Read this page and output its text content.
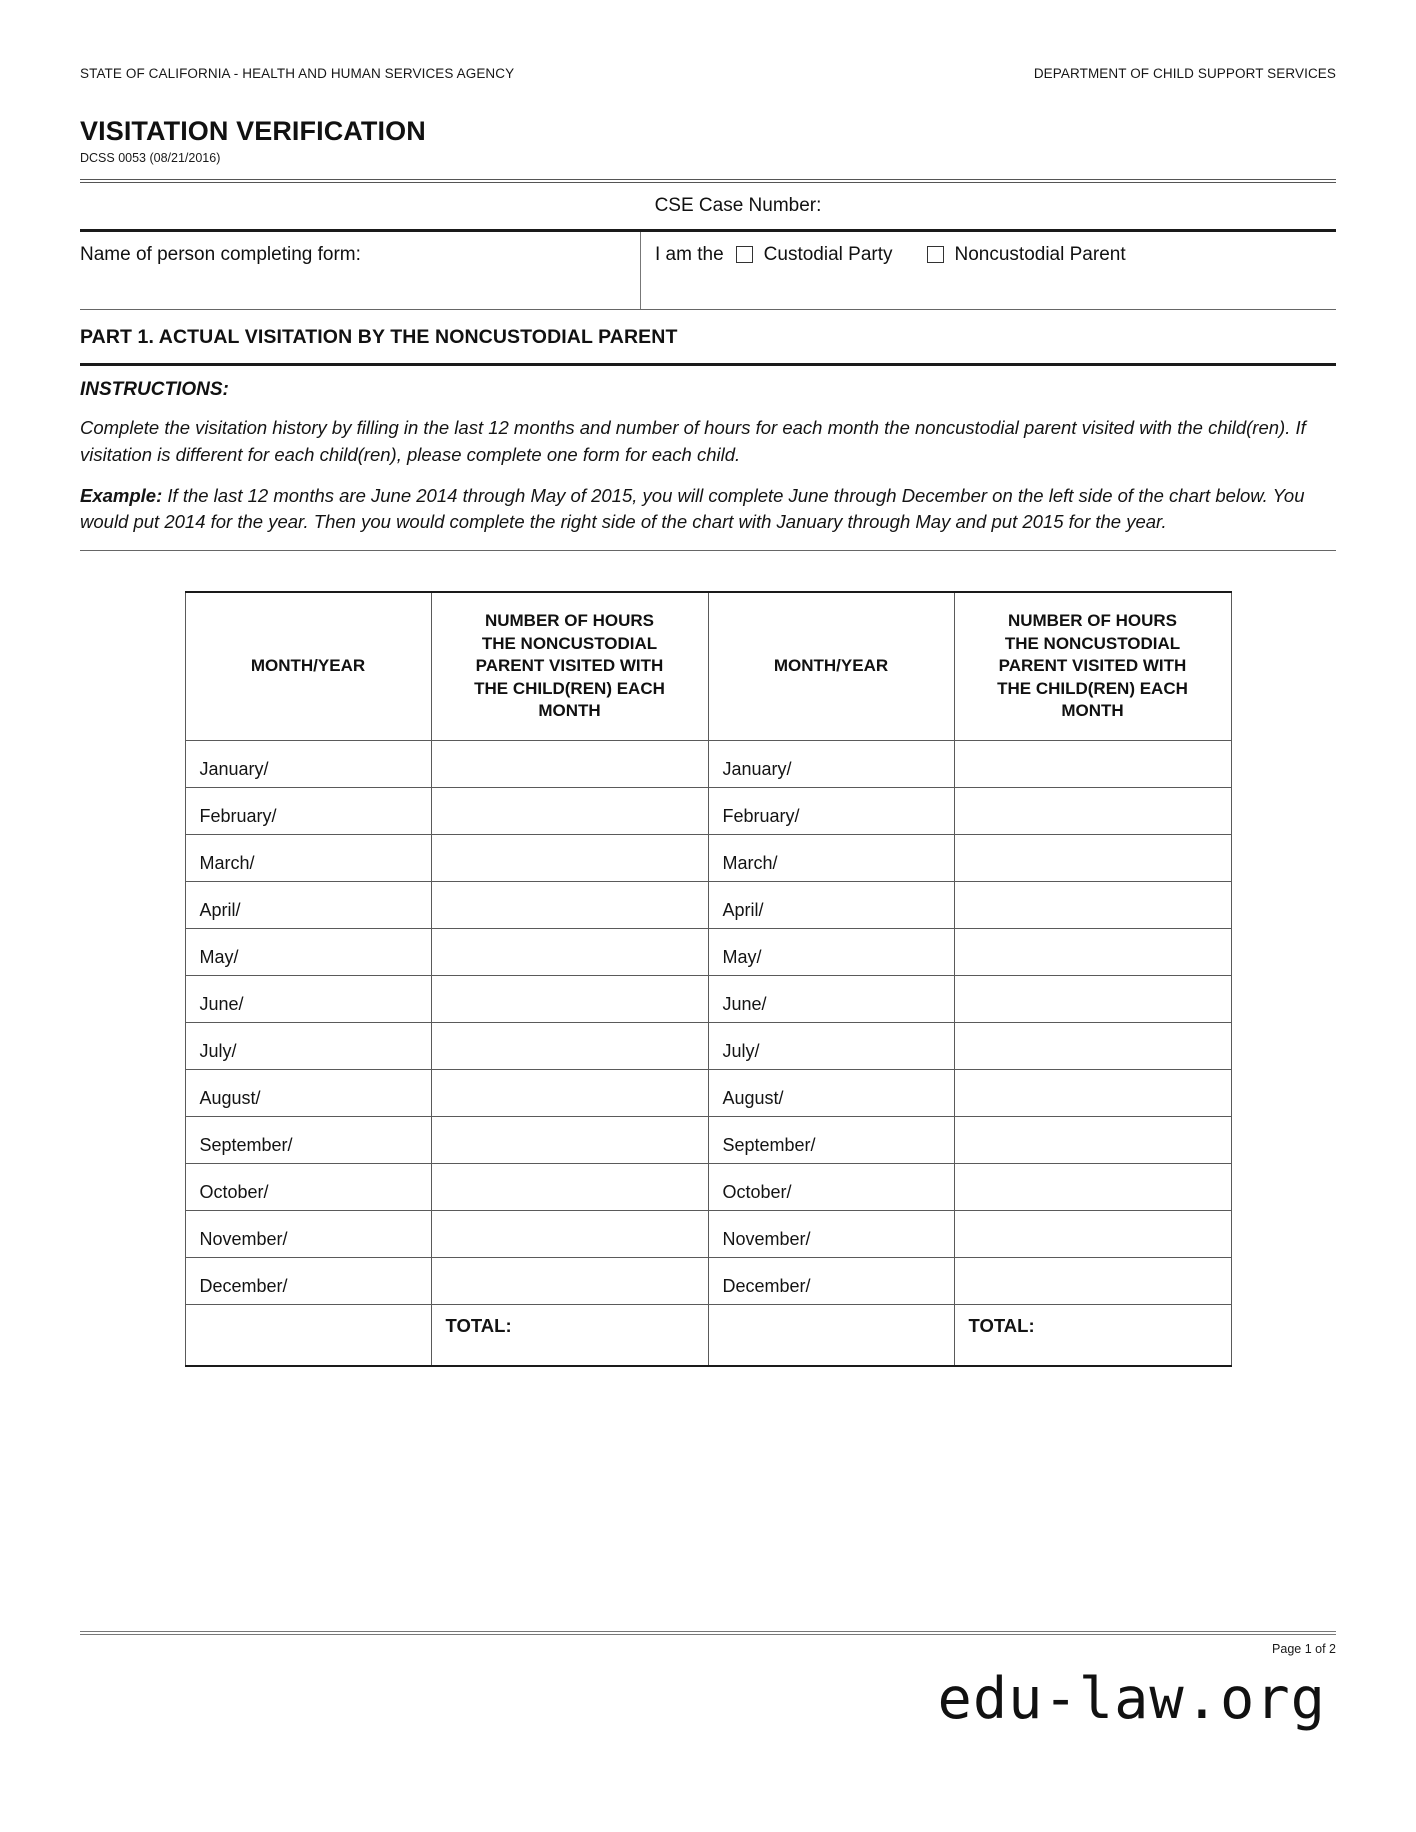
STATE OF CALIFORNIA - HEALTH AND HUMAN SERVICES AGENCY	DEPARTMENT OF CHILD SUPPORT SERVICES
VISITATION VERIFICATION
DCSS 0053 (08/21/2016)
CSE Case Number:
Name of person completing form:	I am the Custodial Party	Noncustodial Parent
PART 1. ACTUAL VISITATION BY THE NONCUSTODIAL PARENT
INSTRUCTIONS:
Complete the visitation history by filling in the last 12 months and number of hours for each month the noncustodial parent visited with the child(ren). If visitation is different for each child(ren), please complete one form for each child.
Example: If the last 12 months are June 2014 through May of 2015, you will complete June through December on the left side of the chart below. You would put 2014 for the year. Then you would complete the right side of the chart with January through May and put 2015 for the year.
MONTH/YEAR	NUMBER OF HOURS
THE NONCUSTODIAL
PARENT VISITED WITH
THE CHILD(REN) EACH
MONTH	MONTH/YEAR	NUMBER OF HOURS
THE NONCUSTODIAL
PARENT VISITED WITH
THE CHILD(REN) EACH
MONTH
January/		January/	
February/		February/	
March/		March/	
April/		April/	
May/		May/	
June/		June/	
July/		July/	
August/		August/	
September/		September/	
October/		October/	
November/		November/	
December/		December/	
	TOTAL:		TOTAL:
Page 1 of 2
edu-law.org
